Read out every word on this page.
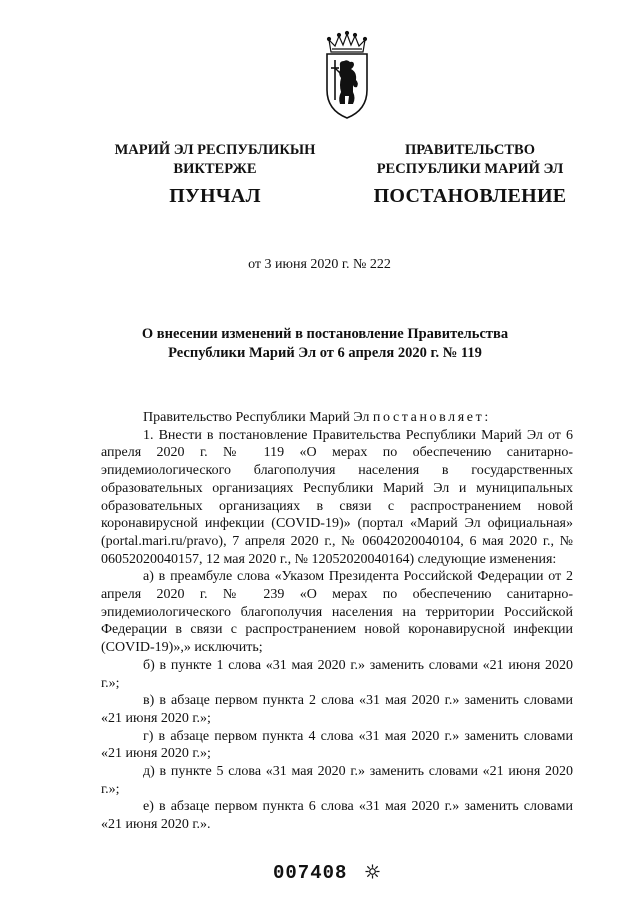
МАРИЙ ЭЛ РЕСПУБЛИКЫН
ВИКТЕРЖЕ
ПУНЧАЛ
ПРАВИТЕЛЬСТВО
РЕСПУБЛИКИ МАРИЙ ЭЛ
ПОСТАНОВЛЕНИЕ
от 3 июня 2020 г. № 222
О внесении изменений в постановление Правительства
Республики Марий Эл от 6 апреля 2020 г. № 119

Правительство Республики Марий Эл постановляет:

1. Внести в постановление Правительства Республики Марий Эл от 6 апреля 2020 г. № 119 «О мерах по обеспечению санитарно-эпидемиологического благополучия населения в государственных образовательных организациях Республики Марий Эл и муниципальных образовательных организациях в связи с распространением новой коронавирусной инфекции (COVID-19)» (портал «Марий Эл официальная» (portal.mari.ru/pravo), 7 апреля 2020 г., № 06042020040104, 6 мая 2020 г., № 06052020040157, 12 мая 2020 г., № 12052020040164) следующие изменения:

а) в преамбуле слова «Указом Президента Российской Федерации от 2 апреля 2020 г. № 239 «О мерах по обеспечению санитарно-эпидемиологического благополучия населения на территории Российской Федерации в связи с распространением новой коронавирусной инфекции (COVID-19)»,» исключить;

б) в пункте 1 слова «31 мая 2020 г.» заменить словами «21 июня 2020 г.»;

в) в абзаце первом пункта 2 слова «31 мая 2020 г.» заменить словами «21 июня 2020 г.»;

г) в абзаце первом пункта 4 слова «31 мая 2020 г.» заменить словами «21 июня 2020 г.»;

д) в пункте 5 слова «31 мая 2020 г.» заменить словами «21 июня 2020 г.»;

е) в абзаце первом пункта 6 слова «31 мая 2020 г.» заменить словами «21 июня 2020 г.».

007408
